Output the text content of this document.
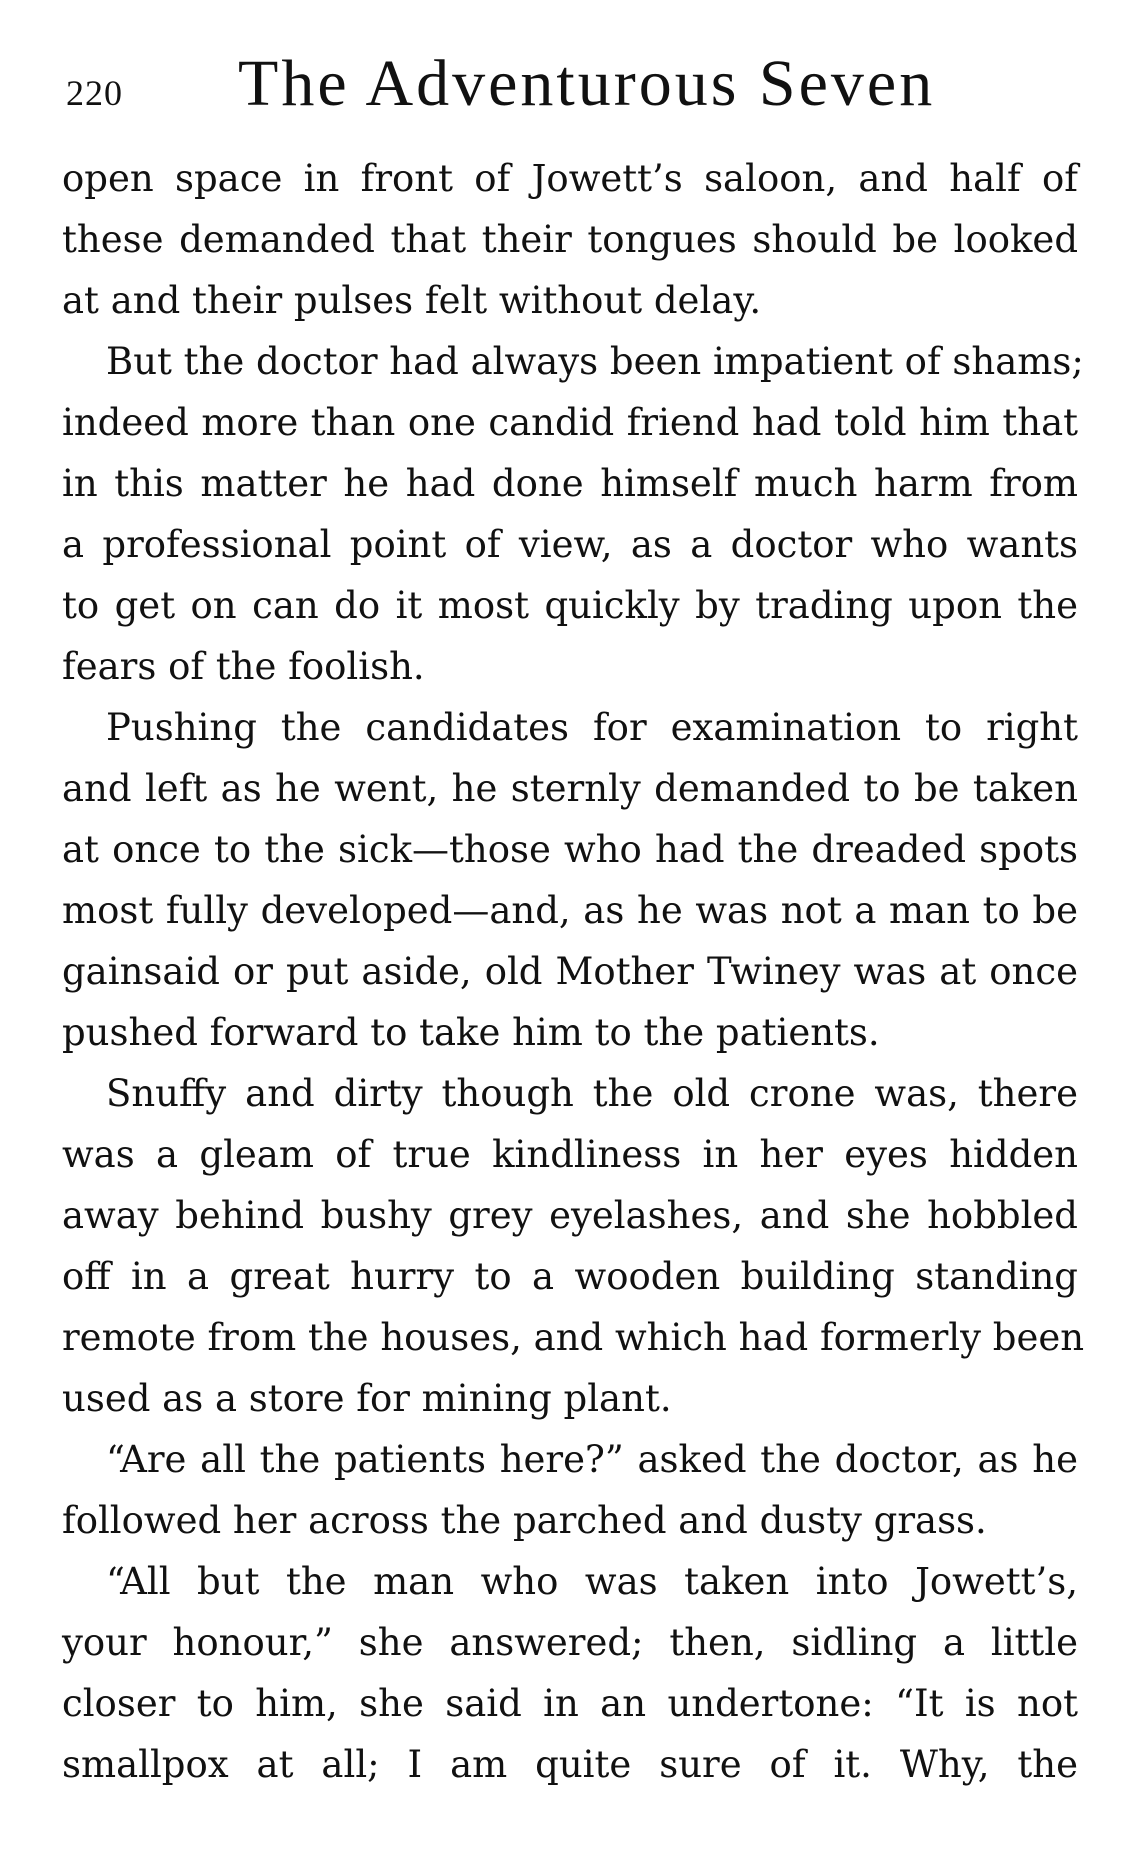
220 The Adventurous Seven
open space in front of Jowett’s saloon, and half of
these demanded that their tongues should be looked
at and their pulses felt without delay.
But the doctor had always been impatient of shams;
indeed more than one candid friend had told him that
in this matter he had done himself much harm from
a professional point of view, as a doctor who wants
to get on can do it most quickly by trading upon the
fears of the foolish.
Pushing the candidates for examination to right
and left as he went, he sternly demanded to be taken
at once to the sick—those who had the dreaded spots
most fully developed—and, as he was not a man to be
gainsaid or put aside, old Mother Twiney was at once
pushed forward to take him to the patients.
Snuffy and dirty though the old crone was, there
was a gleam of true kindliness in her eyes hidden
away behind bushy grey eyelashes, and she hobbled
off in a great hurry to a wooden building standing
remote from the houses, and which had formerly been
used as a store for mining plant.
“Are all the patients here?” asked the doctor, as he
followed her across the parched and dusty grass.
“All but the man who was taken into Jowett’s,
your honour,” she answered; then, sidling a little
closer to him, she said in an undertone: “It is not
smallpox at all; I am quite sure of it. Why, the
